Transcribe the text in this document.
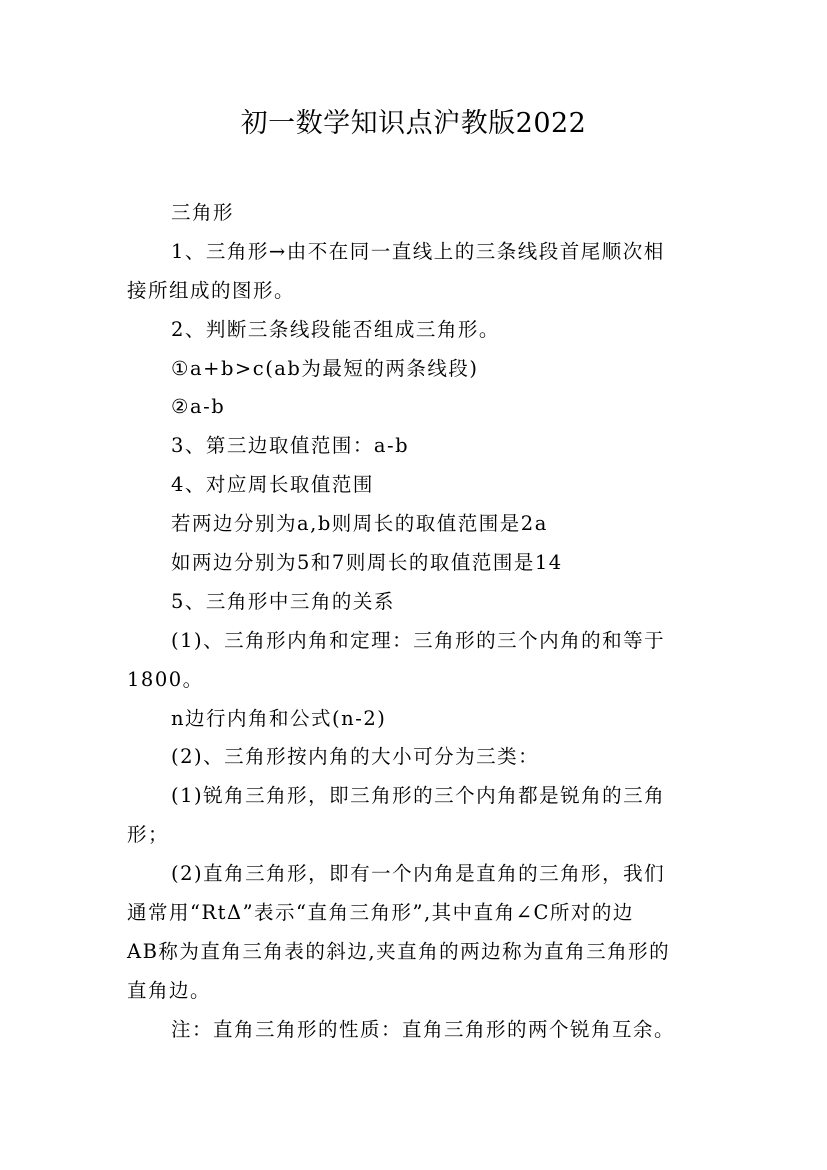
初一数学知识点沪教版2022
三角形
1、三角形→由不在同一直线上的三条线段首尾顺次相
接所组成的图形。
2、判断三条线段能否组成三角形。
①a+b>c(ab为最短的两条线段)
②a-b
3、第三边取值范围：a-b
4、对应周长取值范围
若两边分别为a,b则周长的取值范围是2a
如两边分别为5和7则周长的取值范围是14
5、三角形中三角的关系
(1)、三角形内角和定理：三角形的三个内角的和等于
1800。
n边行内角和公式(n-2)
(2)、三角形按内角的大小可分为三类：
(1)锐角三角形，即三角形的三个内角都是锐角的三角
形；
(2)直角三角形，即有一个内角是直角的三角形，我们
通常用“RtΔ”表示“直角三角形”,其中直角∠C所对的边
AB称为直角三角表的斜边,夹直角的两边称为直角三角形的
直角边。
注：直角三角形的性质：直角三角形的两个锐角互余。
